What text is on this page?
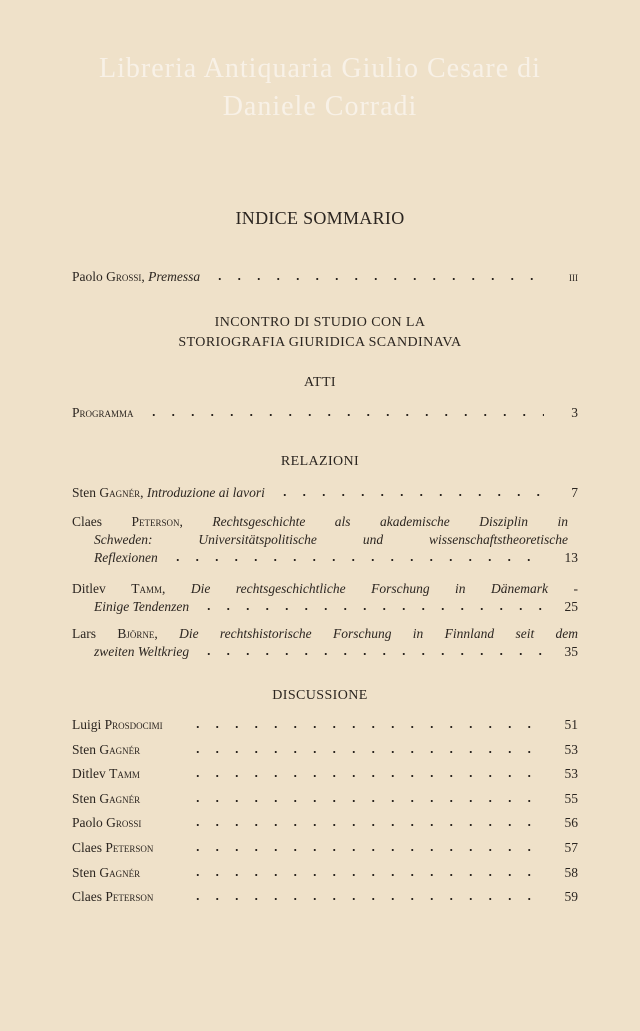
Libreria Antiquaria Giulio Cesare di Daniele Corradi
INDICE SOMMARIO
Paolo Grossi, Premessa	iii
INCONTRO DI STUDIO CON LA
STORIOGRAFIA GIURIDICA SCANDINAVA
ATTI
Programma	3
RELAZIONI
Sten Gagnér, Introduzione ai lavori	7
Claes Peterson, Rechtsgeschichte als akademische Disziplin in
Schweden: Universitätspolitische und wissenschaftstheoretische
Reflexionen	13
Ditlev Tamm, Die rechtsgeschichtliche Forschung in Dänemark -
Einige Tendenzen	25
Lars Björne, Die rechtshistorische Forschung in Finnland seit dem
zweiten Weltkrieg	35
DISCUSSIONE
Luigi Prosdocimi	51
Sten Gagnér	53
Ditlev Tamm	53
Sten Gagnér	55
Paolo Grossi	56
Claes Peterson	57
Sten Gagnér	58
Claes Peterson	59
